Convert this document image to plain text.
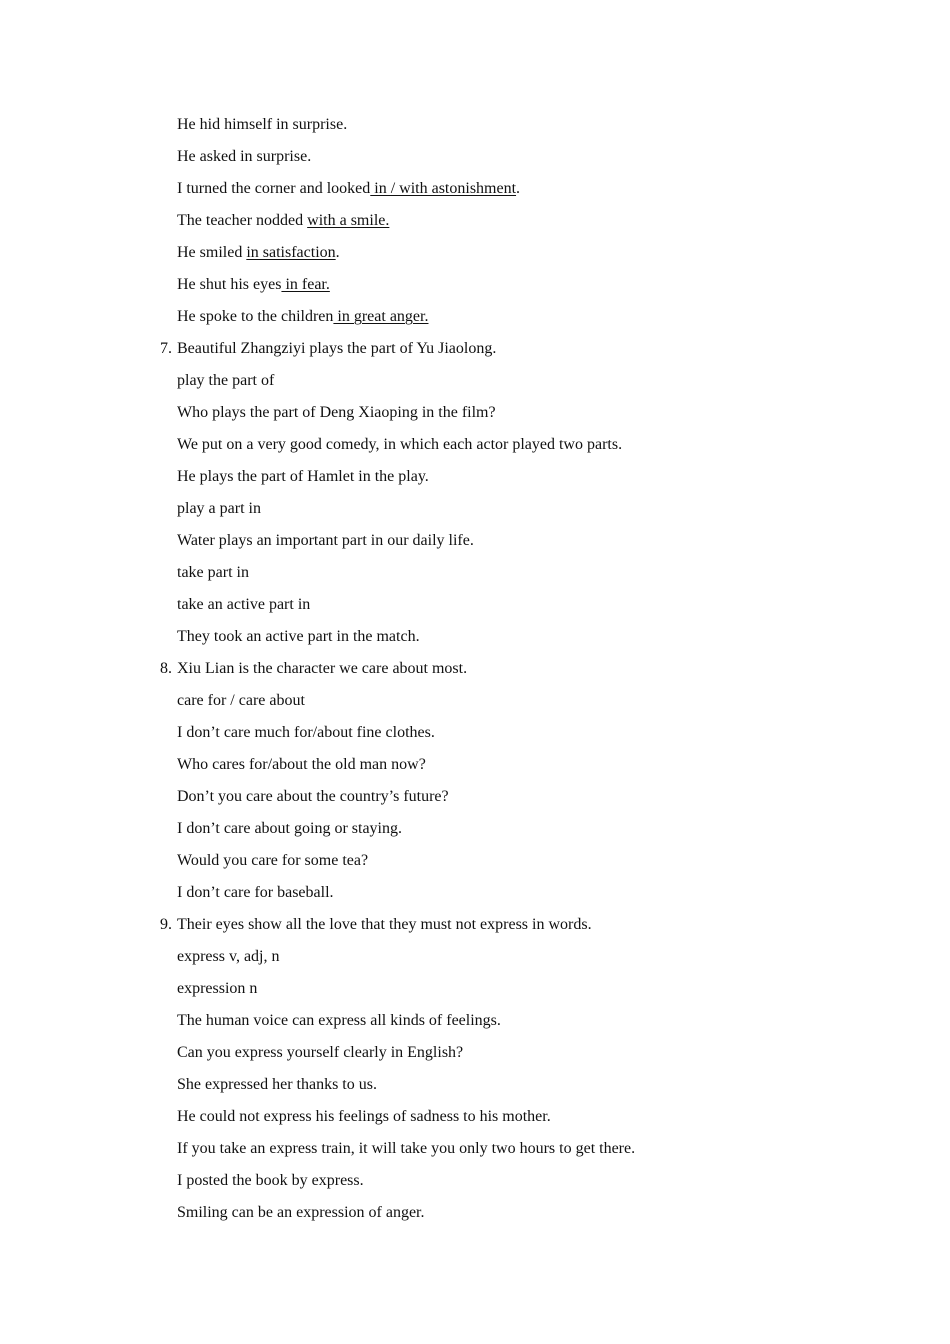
He hid himself in surprise.
He asked in surprise.
I turned the corner and looked in / with astonishment.
The teacher nodded with a smile.
He smiled in satisfaction.
He shut his eyes in fear.
He spoke to the children in great anger.
7. Beautiful Zhangziyi plays the part of Yu Jiaolong.
play the part of
Who plays the part of Deng Xiaoping in the film?
We put on a very good comedy, in which each actor played two parts.
He plays the part of Hamlet in the play.
play a part in
Water plays an important part in our daily life.
take part in
take an active part in
They took an active part in the match.
8. Xiu Lian is the character we care about most.
care for / care about
I don’t care much for/about fine clothes.
Who cares for/about the old man now?
Don’t you care about the country’s future?
I don’t care about going or staying.
Would you care for some tea?
I don’t care for baseball.
9. Their eyes show all the love that they must not express in words.
express v, adj, n
expression n
The human voice can express all kinds of feelings.
Can you express yourself clearly in English?
She expressed her thanks to us.
He could not express his feelings of sadness to his mother.
If you take an express train, it will take you only two hours to get there.
I posted the book by express.
Smiling can be an expression of anger.
